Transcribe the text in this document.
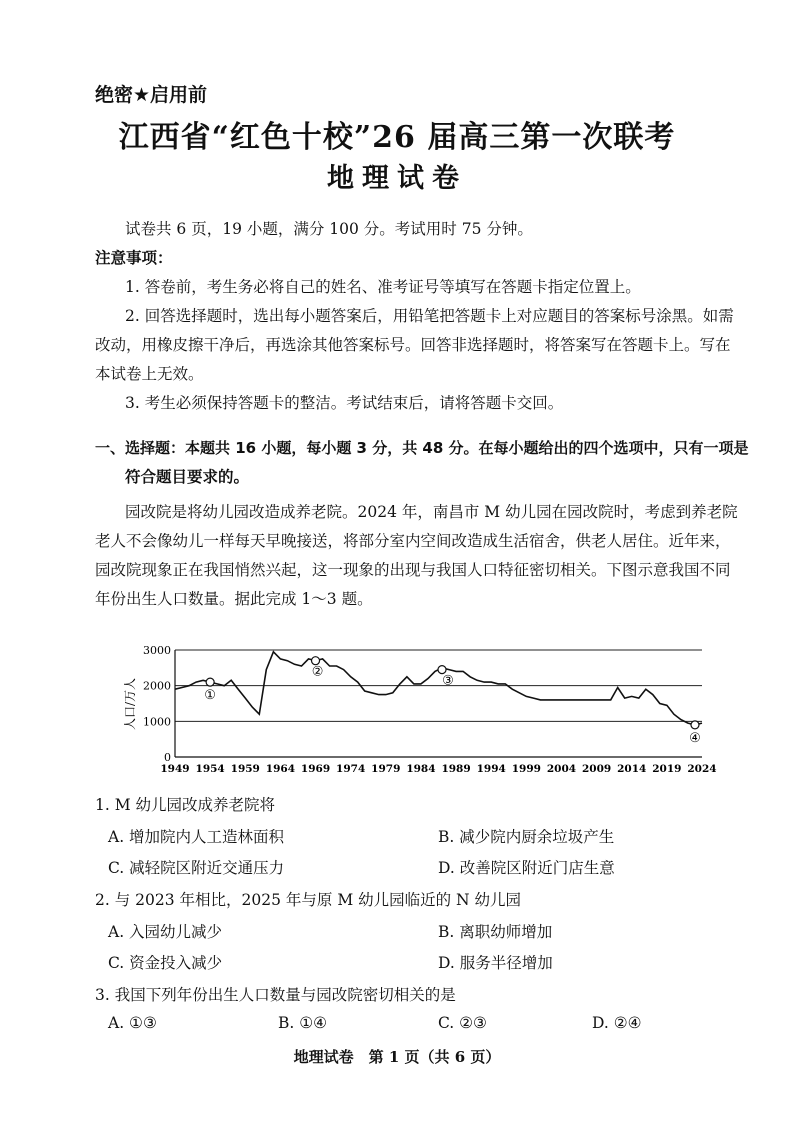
绝密★启用前
江西省“红色十校”26 届高三第一次联考
地理试卷
试卷共 6 页，19 小题，满分 100 分。考试用时 75 分钟。
注意事项：
1. 答卷前，考生务必将自己的姓名、准考证号等填写在答题卡指定位置上。
2. 回答选择题时，选出每小题答案后，用铅笔把答题卡上对应题目的答案标号涂黑。如需改动，用橡皮擦干净后，再选涂其他答案标号。回答非选择题时，将答案写在答题卡上。写在本试卷上无效。
3. 考生必须保持答题卡的整洁。考试结束后，请将答题卡交回。
一、选择题：本题共 16 小题，每小题 3 分，共 48 分。在每小题给出的四个选项中，只有一项是
符合题目要求的。
园改院是将幼儿园改造成养老院。2024 年，南昌市 M 幼儿园在园改院时，考虑到养老院老人不会像幼儿一样每天早晚接送，将部分室内空间改造成生活宿舍，供老人居住。近年来，园改院现象正在我国悄然兴起，这一现象的出现与我国人口特征密切相关。下图示意我国不同年份出生人口数量。据此完成 1～3 题。
0
1000
2000
3000
1949 1954 1959 1964 1969 1974 1979 1984 1989 1994 1999 2004 2009 2014 2019 2024
人口/万人	①
②
③
④
1. M 幼儿园改成养老院将
A. 增加院内人工造林面积	B. 减少院内厨余垃圾产生
C. 减轻院区附近交通压力	D. 改善院区附近门店生意
2. 与 2023 年相比，2025 年与原 M 幼儿园临近的 N 幼儿园
A. 入园幼儿减少	B. 离职幼师增加
C. 资金投入减少	D. 服务半径增加
3. 我国下列年份出生人口数量与园改院密切相关的是
A. ①③	B. ①④	C. ②③	D. ②④
地理试卷　第 1 页（共 6 页）
